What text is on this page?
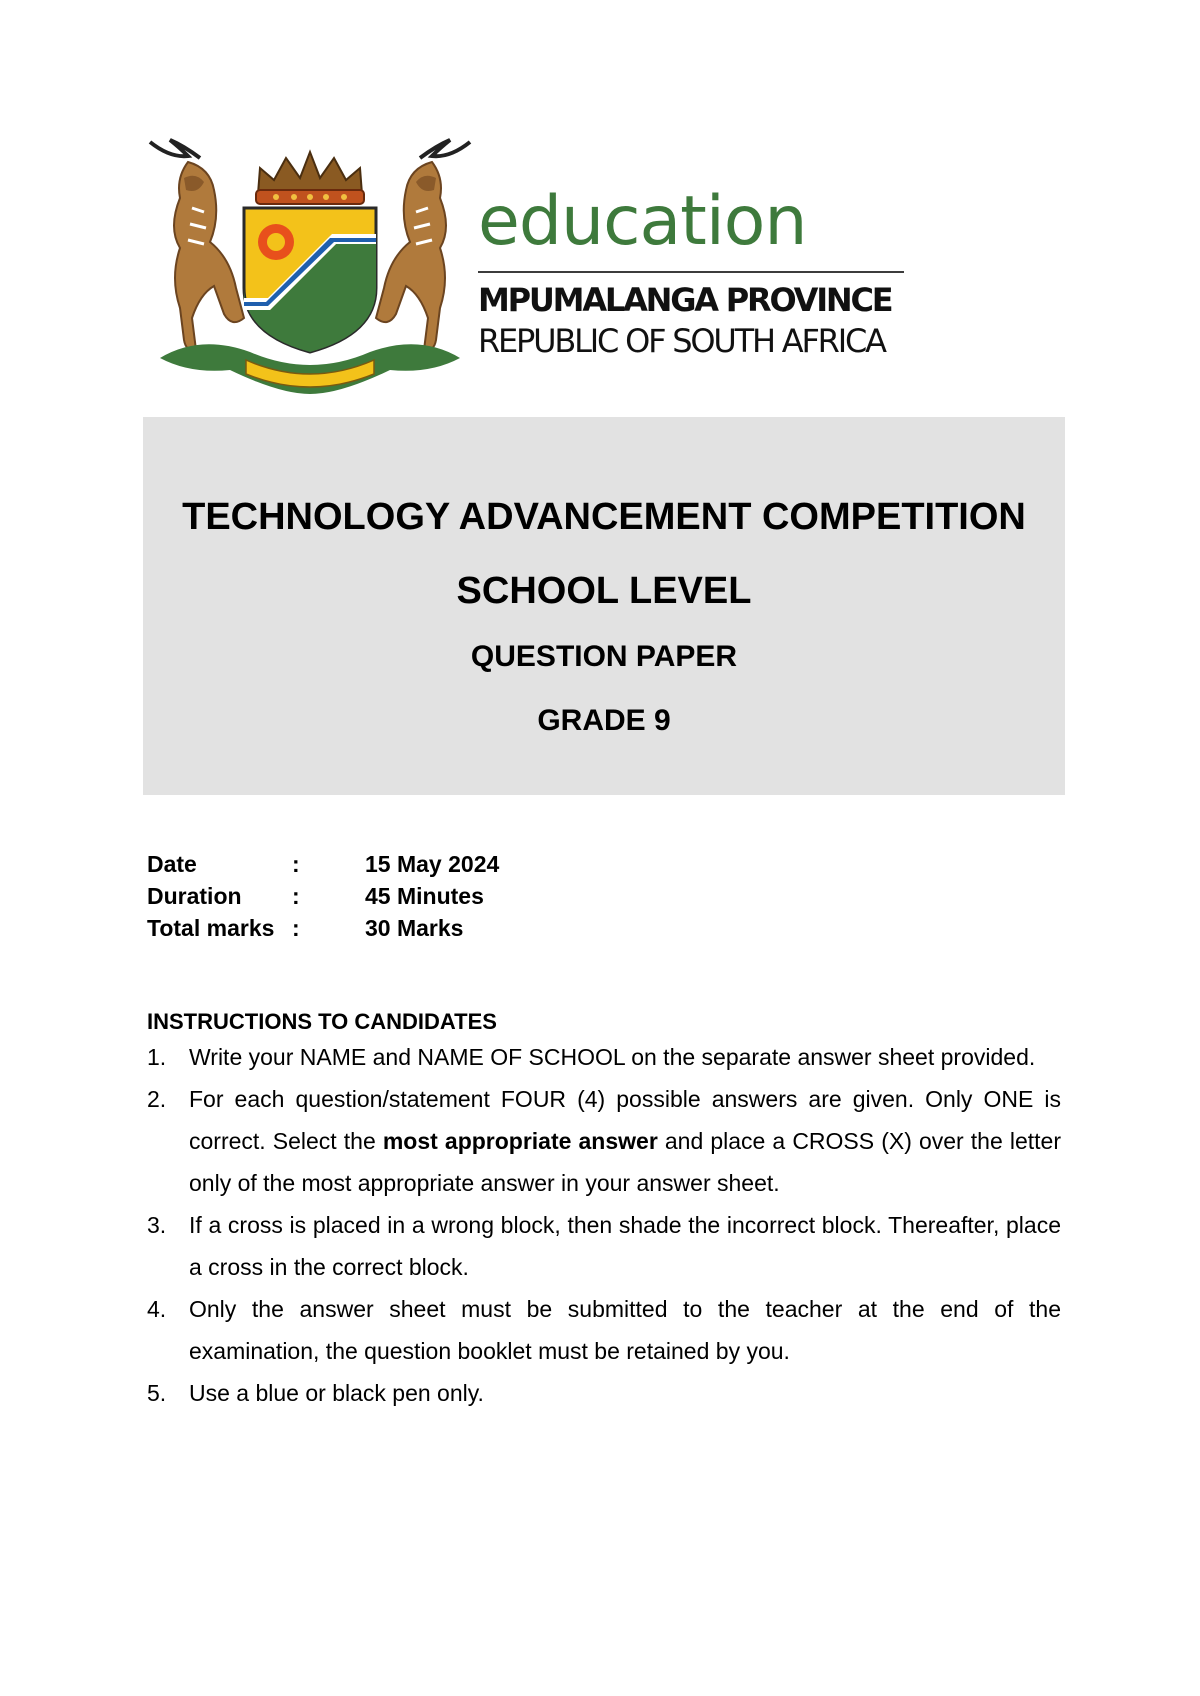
education
MPUMALANGA PROVINCE
REPUBLIC OF SOUTH AFRICA
TECHNOLOGY ADVANCEMENT COMPETITION
SCHOOL LEVEL
QUESTION PAPER
GRADE 9
Date	:	15 May 2024
Duration :	45 Minutes
Total marks :	30 Marks
INSTRUCTIONS TO CANDIDATES
1. Write your NAME and NAME OF SCHOOL on the separate answer sheet provided.
2. For each question/statement FOUR (4) possible answers are given. Only ONE is correct. Select the most appropriate answer and place a CROSS (X) over the letter only of the most appropriate answer in your answer sheet.
3. If a cross is placed in a wrong block, then shade the incorrect block. Thereafter, place a cross in the correct block.
4. Only the answer sheet must be submitted to the teacher at the end of the examination, the question booklet must be retained by you.
5. Use a blue or black pen only.
